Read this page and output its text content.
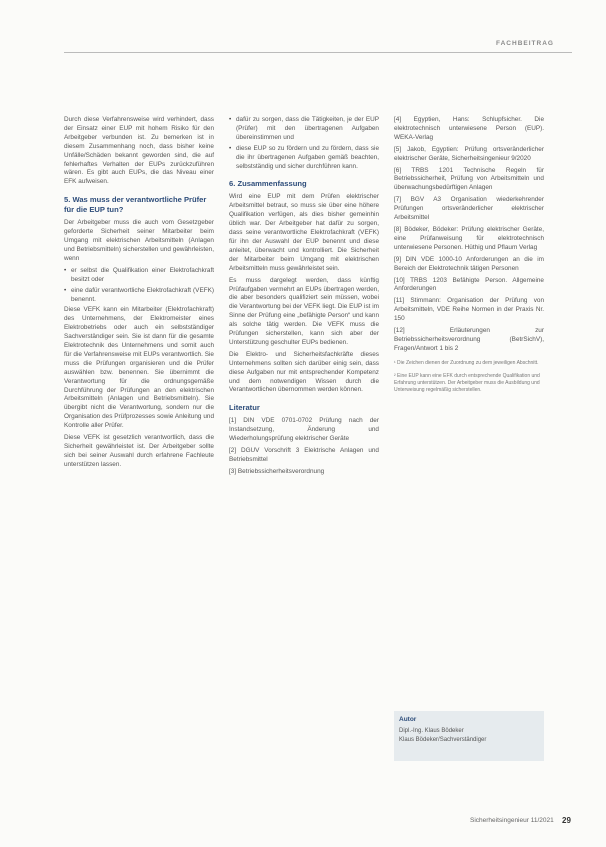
FACHBEITRAG

Durch diese Verfahrensweise wird verhindert, dass der Einsatz einer EUP mit hohem Risiko für den Arbeitgeber verbunden ist. Zu bemerken ist in diesem Zusammenhang noch, dass bisher keine Unfälle/Schäden bekannt geworden sind, die auf fehlerhaftes Verhalten der EUPs zurückzuführen wären. Es gibt auch EUPs, die das Niveau einer EFK aufweisen.

5. Was muss der verantwortliche Prüfer für die EUP tun?

Der Arbeitgeber muss die auch vom Gesetzgeber geforderte Sicherheit seiner Mitarbeiter beim Umgang mit elektrischen Arbeitsmitteln (Anlagen und Betriebsmitteln) sicherstellen und gewährleisten, wenn

• er selbst die Qualifikation einer Elektrofachkraft besitzt oder
• eine dafür verantwortliche Elektrofachkraft (VEFK) benennt.

Diese VEFK kann ein Mitarbeiter (Elektrofachkraft) des Unternehmens, der Elektromeister eines Elektrobetriebs oder auch ein selbstständiger Sachverständiger sein. Sie ist dann für die gesamte Elektrotechnik des Unternehmens und somit auch für die Verfahrensweise mit EUPs verantwortlich. Sie muss die Prüfungen organisieren und die Prüfer auswählen bzw. benennen. Sie übernimmt die Verantwortung für die ordnungsgemäße Durchführung der Prüfungen an den elektrischen Arbeitsmitteln (Anlagen und Betriebsmitteln). Sie übergibt nicht die Verantwortung, sondern nur die Organisation des Prüfprozesses sowie Anleitung und Kontrolle aller Prüfer.

Diese VEFK ist gesetzlich verantwortlich, dass die Sicherheit gewährleistet ist. Der Arbeitgeber sollte sich bei seiner Auswahl durch erfahrene Fachleute unterstützen lassen.

• dafür zu sorgen, dass die Tätigkeiten, je der EUP (Prüfer) mit den übertragenen Aufgaben übereinstimmen und
• diese EUP so zu fördern und zu fördern, dass sie die ihr übertragenen Aufgaben gemäß beachten, selbstständig und sicher durchführen kann.
6. Zusammenfassung

Wird eine EUP mit dem Prüfen elektrischer Arbeitsmittel betraut, so muss sie über eine höhere Qualifikation verfügen, als dies bisher gemeinhin üblich war. Der Arbeitgeber hat dafür zu sorgen, dass seine verantwortliche Elektrofachkraft (VEFK) für ihn der Auswahl der EUP benennt und diese anleitet, überwacht und kontrolliert. Die Sicherheit der Mitarbeiter beim Umgang mit elektrischen Arbeitsmitteln muss gewährleistet sein.

Es muss dargelegt werden, dass künftig Prüfaufgaben vermehrt an EUPs übertragen werden, die aber besonders qualifiziert sein müssen, wobei die Verantwortung bei der VEFK liegt. Die EUP ist im Sinne der Prüfung eine „befähigte Person“ und kann als solche tätig werden. Die VEFK muss die Prüfungen sicherstellen, kann sich aber der Unterstützung geschulter EUPs bedienen.

Die Elektro- und Sicherheitsfachkräfte dieses Unternehmens sollten sich darüber einig sein, dass diese Aufgaben nur mit entsprechender Kompetenz und dem notwendigen Wissen durch die Verantwortlichen übernommen werden können.

Literatur

[1] DIN VDE 0701-0702 Prüfung nach der Instandsetzung, Änderung und Wiederholungsprüfung elektrischer Geräte

[2] DGUV Vorschrift 3 Elektrische Anlagen und Betriebsmittel

[3] Betriebssicherheitsverordnung

[4] Egyptien, Hans: Schlupfsicher. Die elektrotechnisch unterwiesene Person (EUP). WEKA-Verlag

[5] Jakob, Egyptien: Prüfung ortsveränderlicher elektrischer Geräte, Sicherheitsingenieur 9/2020

[6] TRBS 1201 Technische Regeln für Betriebssicherheit, Prüfung von Arbeitsmitteln und überwachungsbedürftigen Anlagen

[7] BGV A3 Organisation wiederkehrender Prüfungen ortsveränderlicher elektrischer Arbeitsmittel

[8] Bödeker, Bödeker: Prüfung elektrischer Geräte, eine Prüfanweisung für elektrotechnisch unterwiesene Personen. Hüthig und Pflaum Verlag

[9] DIN VDE 1000-10 Anforderungen an die im Bereich der Elektrotechnik tätigen Personen

[10] TRBS 1203 Befähigte Person. Allgemeine Anforderungen

[11] Stimmann: Organisation der Prüfung von Arbeitsmitteln, VDE Reihe Normen in der Praxis Nr. 150

[12] Erläuterungen zur Betriebssicherheitsverordnung (BetrSichV), Fragen/Antwort 1 bis 2

¹ Die Zeichen dienen der Zuordnung zu dem jeweiligen Abschnitt.
² Eine EUP kann eine EFK durch entsprechende Qualifikation und Erfahrung unterstützen. Der Arbeitgeber muss die Ausbildung und Unterweisung regelmäßig sicherstellen.
Autor
Dipl.-Ing. Klaus Bödeker
Klaus Bödeker/Sachverständiger
Sicherheitsingenieur 11/2021 29
